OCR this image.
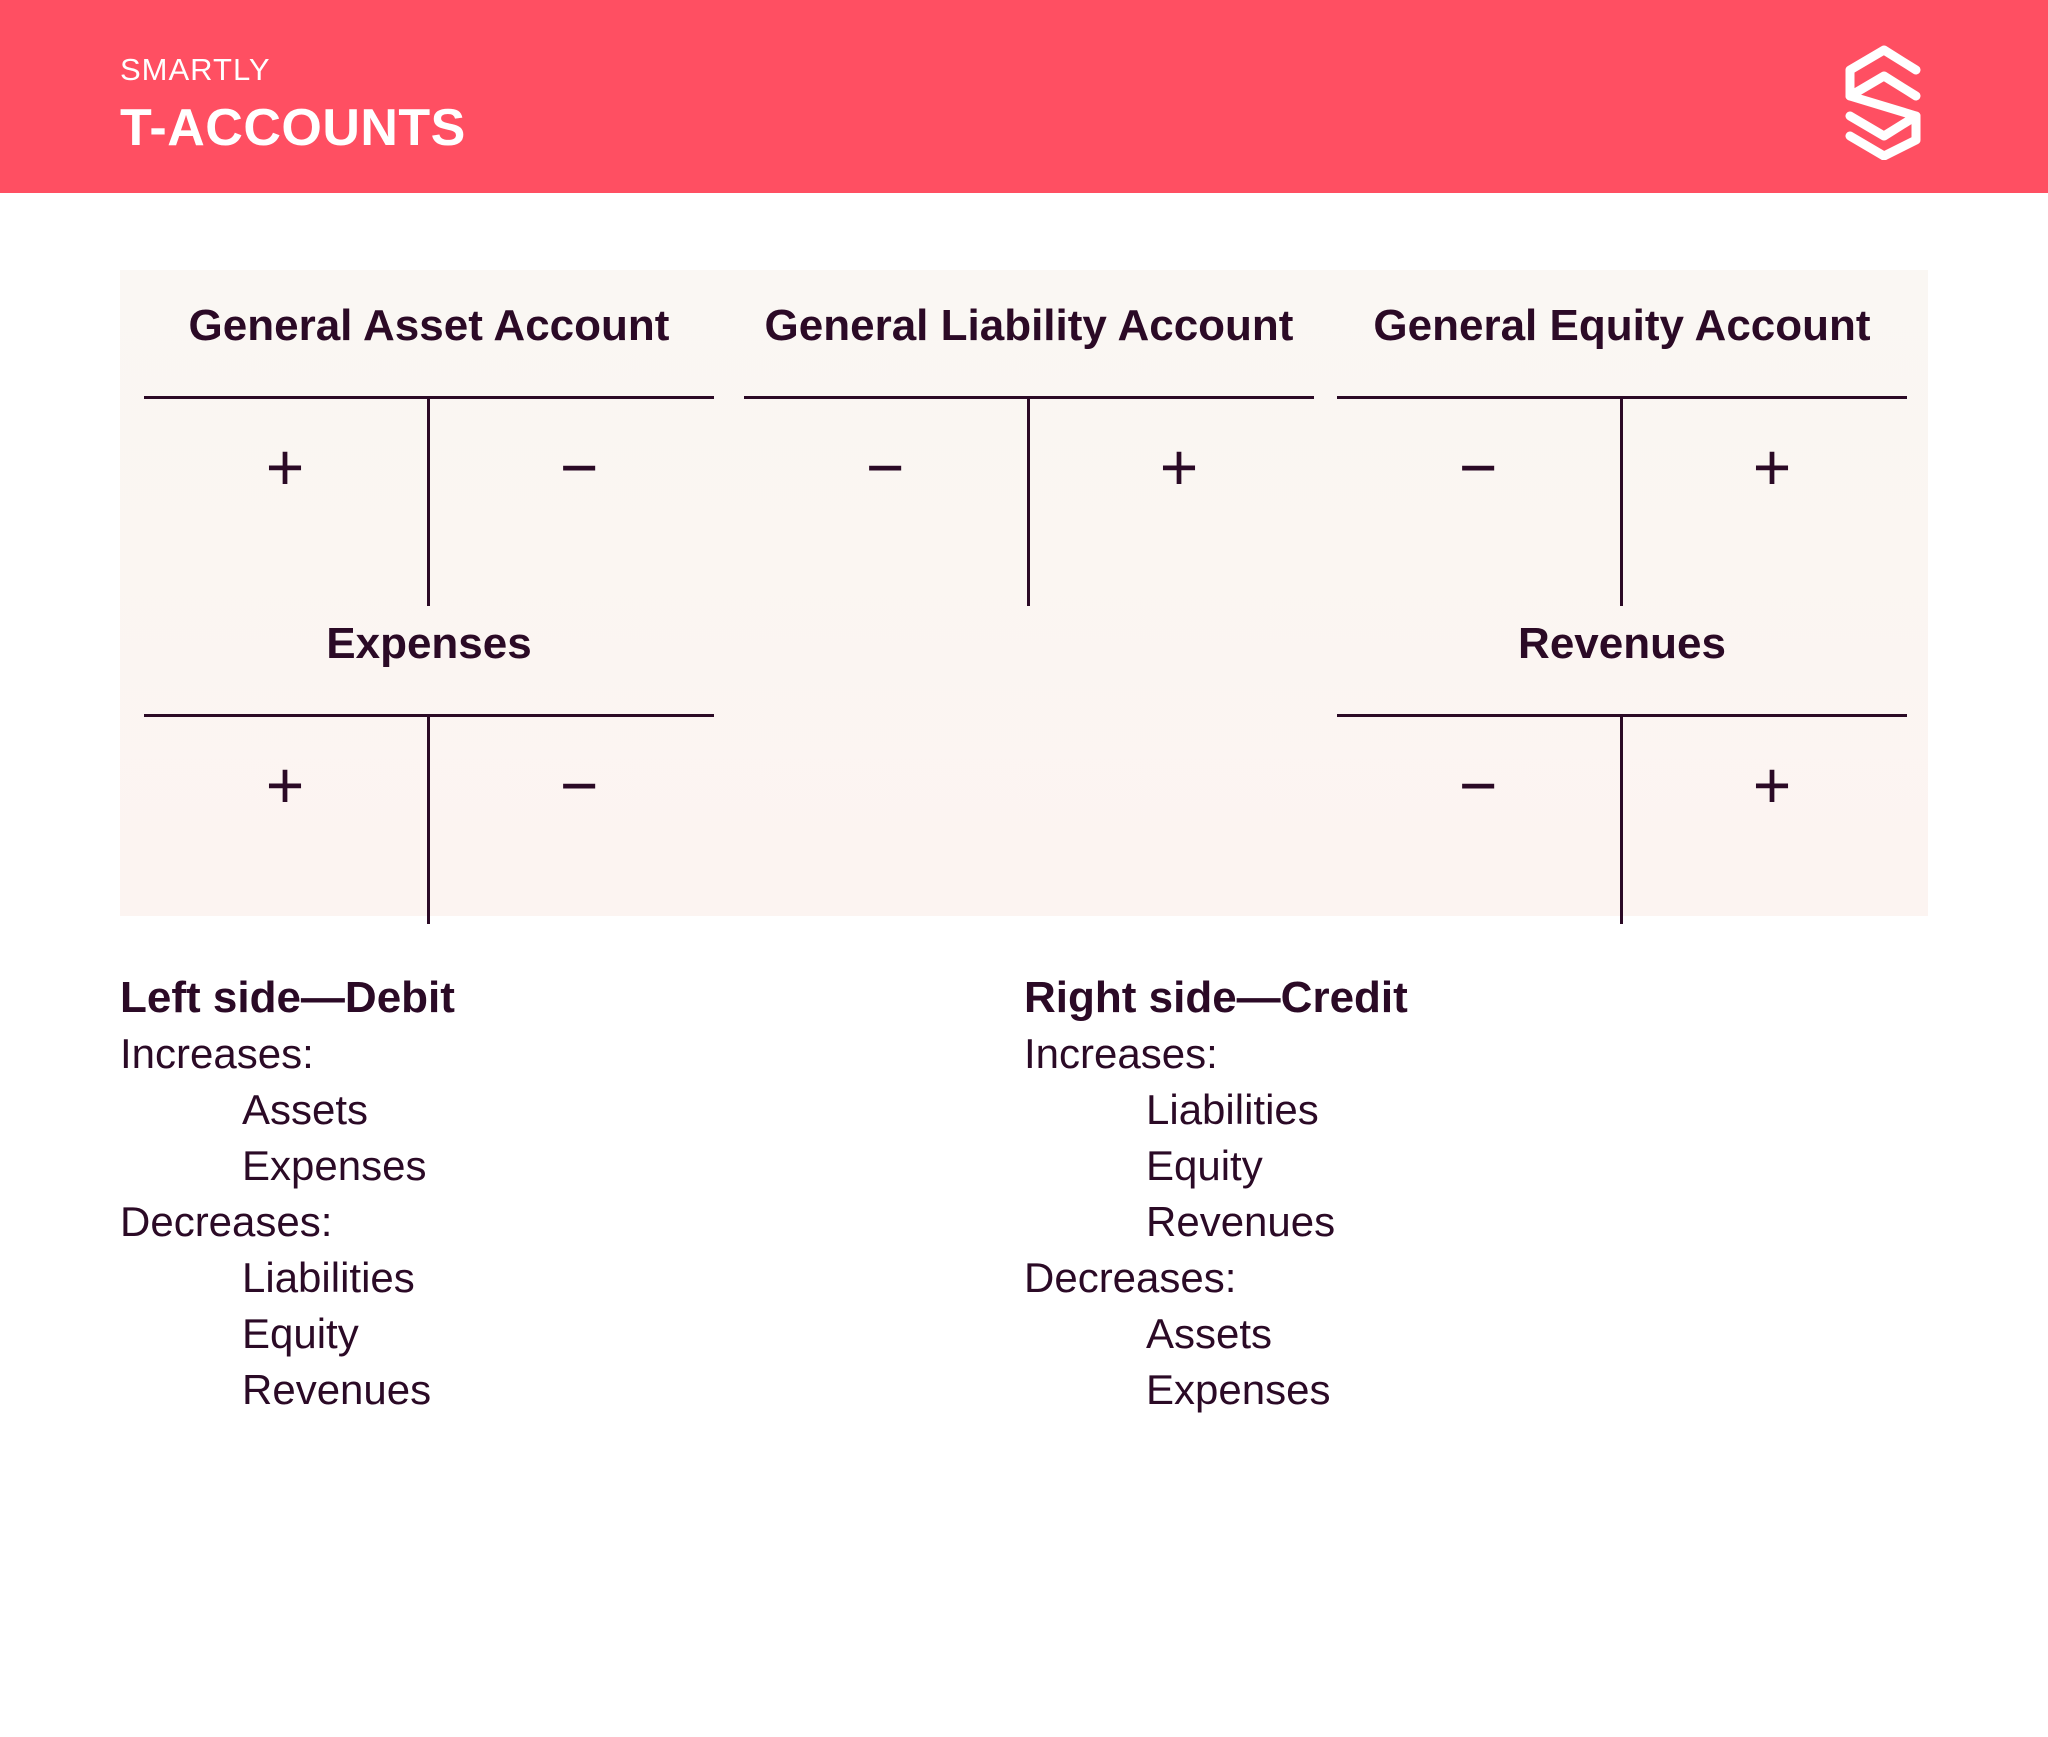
SMARTLY
T-ACCOUNTS
General Asset Account
+	−
General Liability Account
−	+
General Equity Account
−	+
Expenses
+	−
Revenues
−	+
Left side—Debit
Increases:
Assets
Expenses
Decreases:
Liabilities
Equity
Revenues
Right side—Credit
Increases:
Liabilities
Equity
Revenues
Decreases:
Assets
Expenses
